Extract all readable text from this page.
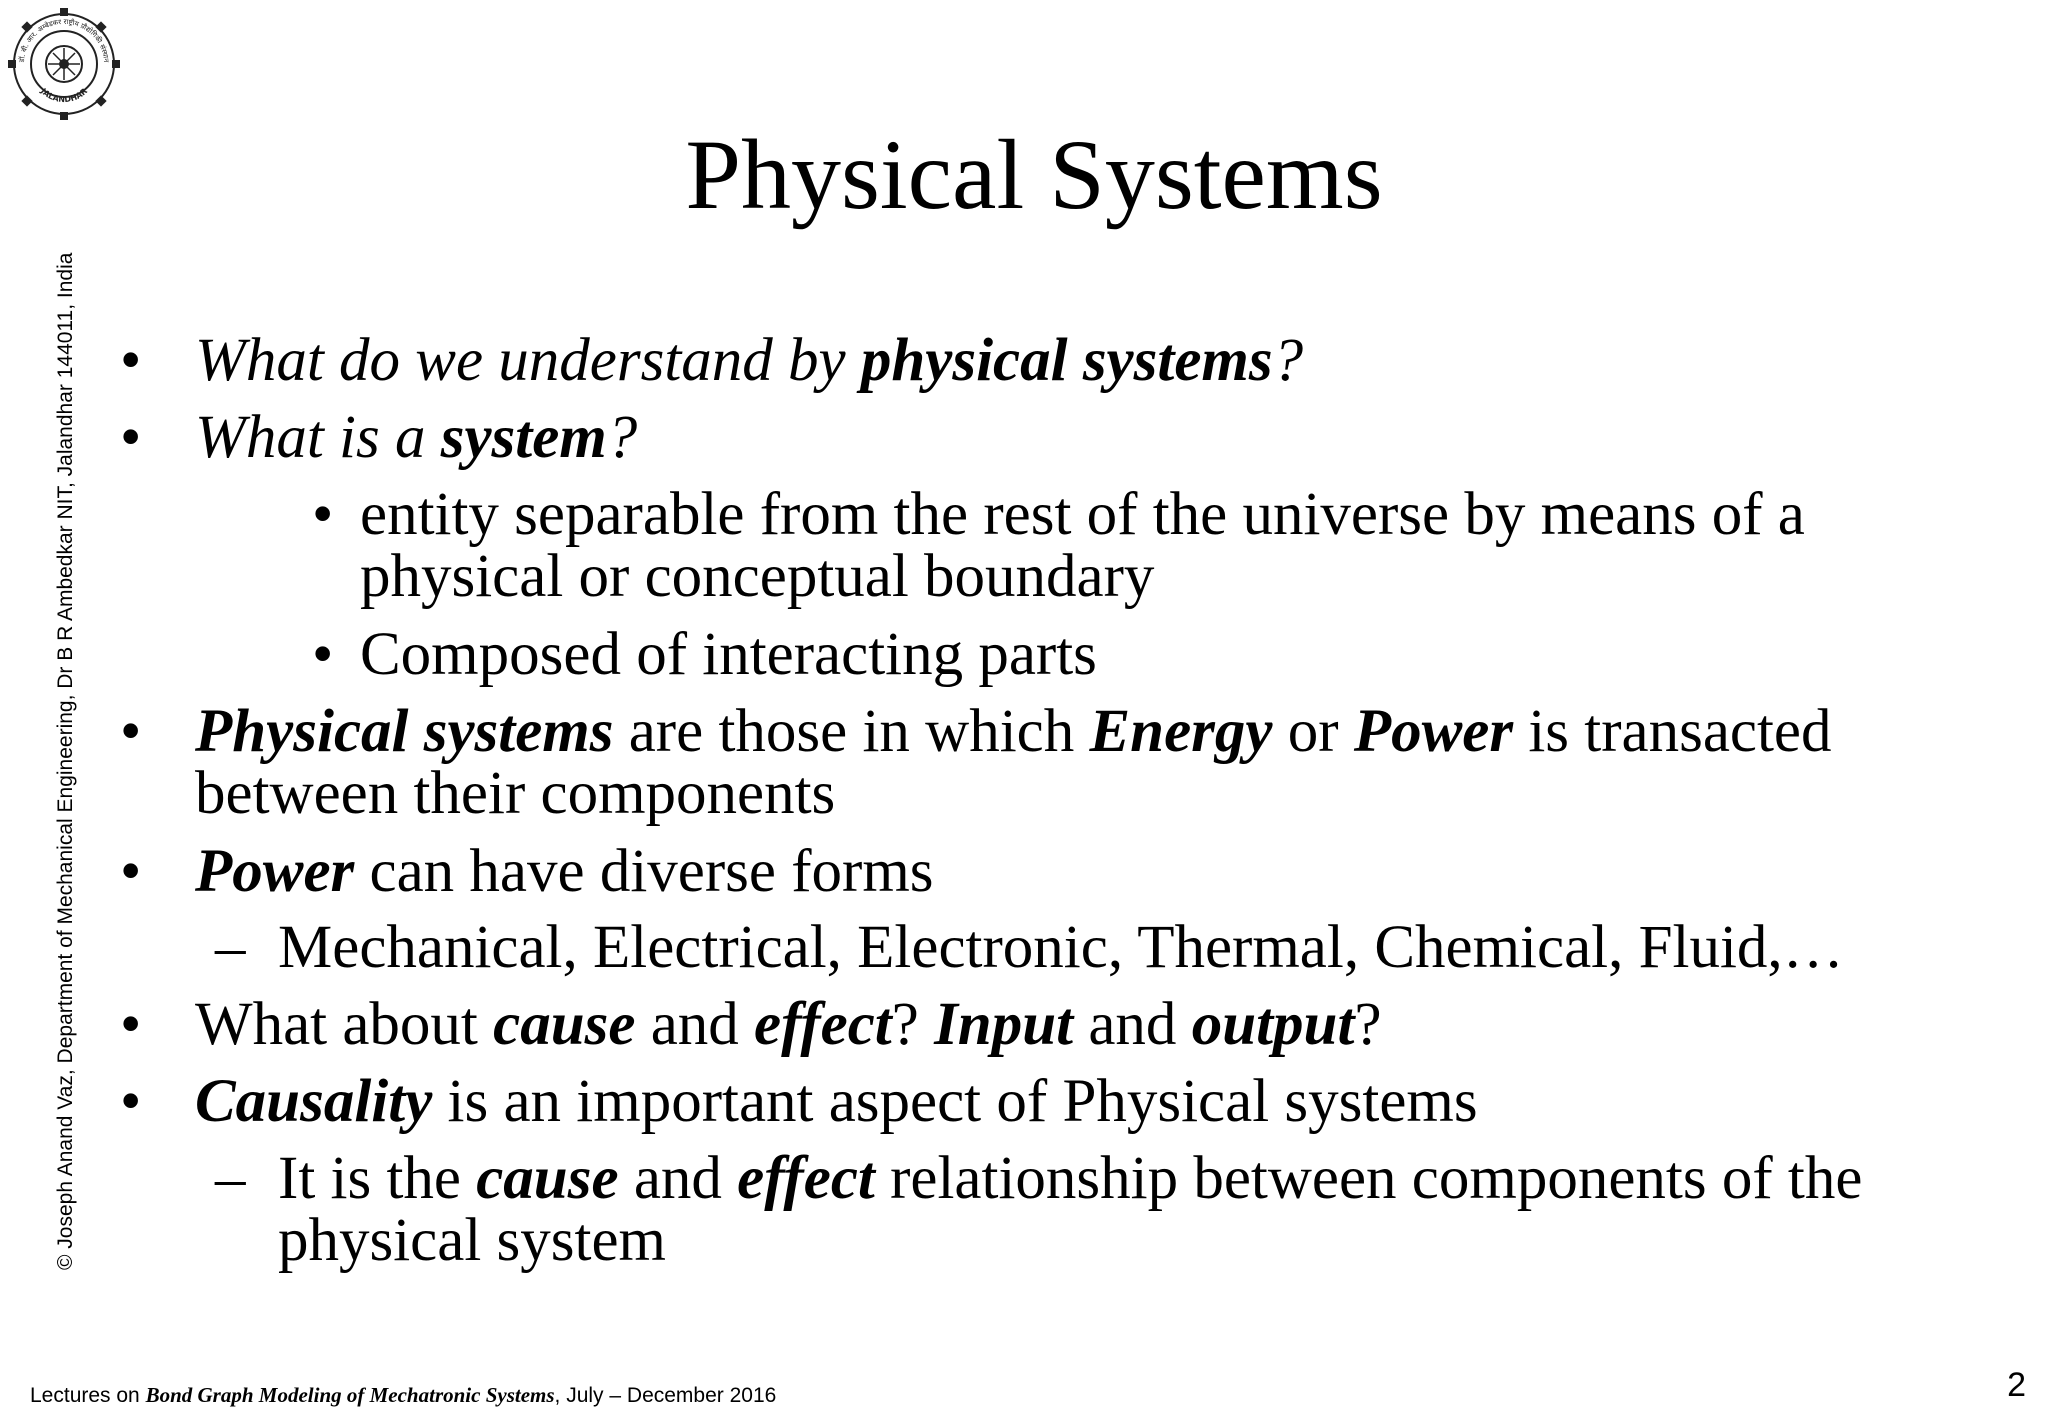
डॉ. बी. आर. अम्बेडकर राष्ट्रीय प्रौद्योगिकी संस्थान
JALANDHAR
© Joseph Anand Vaz, Department of Mechanical Engineering, Dr B R Ambedkar NIT, Jalandhar 144011, India
Physical Systems
• What do we understand by physical systems?
• What is a system?
• entity separable from the rest of the universe by means of a
physical or conceptual boundary
• Composed of interacting parts
• Physical systems are those in which Energy or Power is transacted
between their components
• Power can have diverse forms
– Mechanical, Electrical, Electronic, Thermal, Chemical, Fluid,…
• What about cause and effect? Input and output?
• Causality is an important aspect of Physical systems
– It is the cause and effect relationship between components of the
physical system
Lectures on Bond Graph Modeling of Mechatronic Systems, July – December 2016	2
